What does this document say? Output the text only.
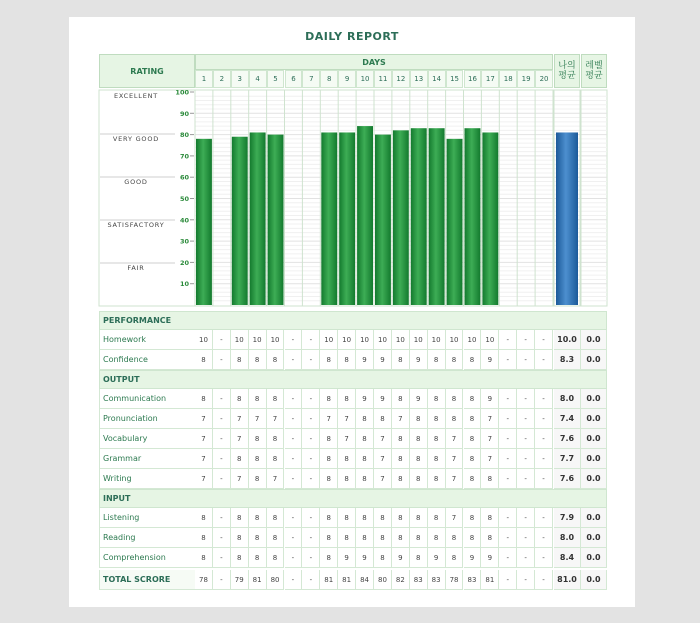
DAILY REPORT
RATING
DAYS
1	2	3	4	5	6	7	8	9	10	11	12	13	14	15	16	17	18	19	20
나의
평균
레벨
평균
EXCELLENT
VERY GOOD
GOOD
SATISFACTORY
FAIR
10
20
30
40
50
60
70
80
90
100
PERFORMANCE
Homework	10	-	10	10	10	-	-	10	10	10	10	10	10	10	10	10	10	-	-	-	10.0	0.0
Confidence	8	-	8	8	8	-	-	8	8	9	9	8	9	8	8	8	9	-	-	-	8.3	0.0
OUTPUT
Communication	8	-	8	8	8	-	-	8	8	9	9	8	9	8	8	8	9	-	-	-	8.0	0.0
Pronunciation	7	-	7	7	7	-	-	7	7	8	8	7	8	8	8	8	7	-	-	-	7.4	0.0
Vocabulary	7	-	7	8	8	-	-	8	7	8	7	8	8	8	7	8	7	-	-	-	7.6	0.0
Grammar	7	-	8	8	8	-	-	8	8	8	7	8	8	8	7	8	7	-	-	-	7.7	0.0
Writing	7	-	7	8	7	-	-	8	8	8	7	8	8	8	7	8	8	-	-	-	7.6	0.0
INPUT
Listening	8	-	8	8	8	-	-	8	8	8	8	8	8	8	7	8	8	-	-	-	7.9	0.0
Reading	8	-	8	8	8	-	-	8	8	8	8	8	8	8	8	8	8	-	-	-	8.0	0.0
Comprehension	8	-	8	8	8	-	-	8	9	9	8	9	8	9	8	9	9	-	-	-	8.4	0.0
TOTAL SCRORE	78	-	79	81	80	-	-	81	81	84	80	82	83	83	78	83	81	-	-	-	81.0	0.0
